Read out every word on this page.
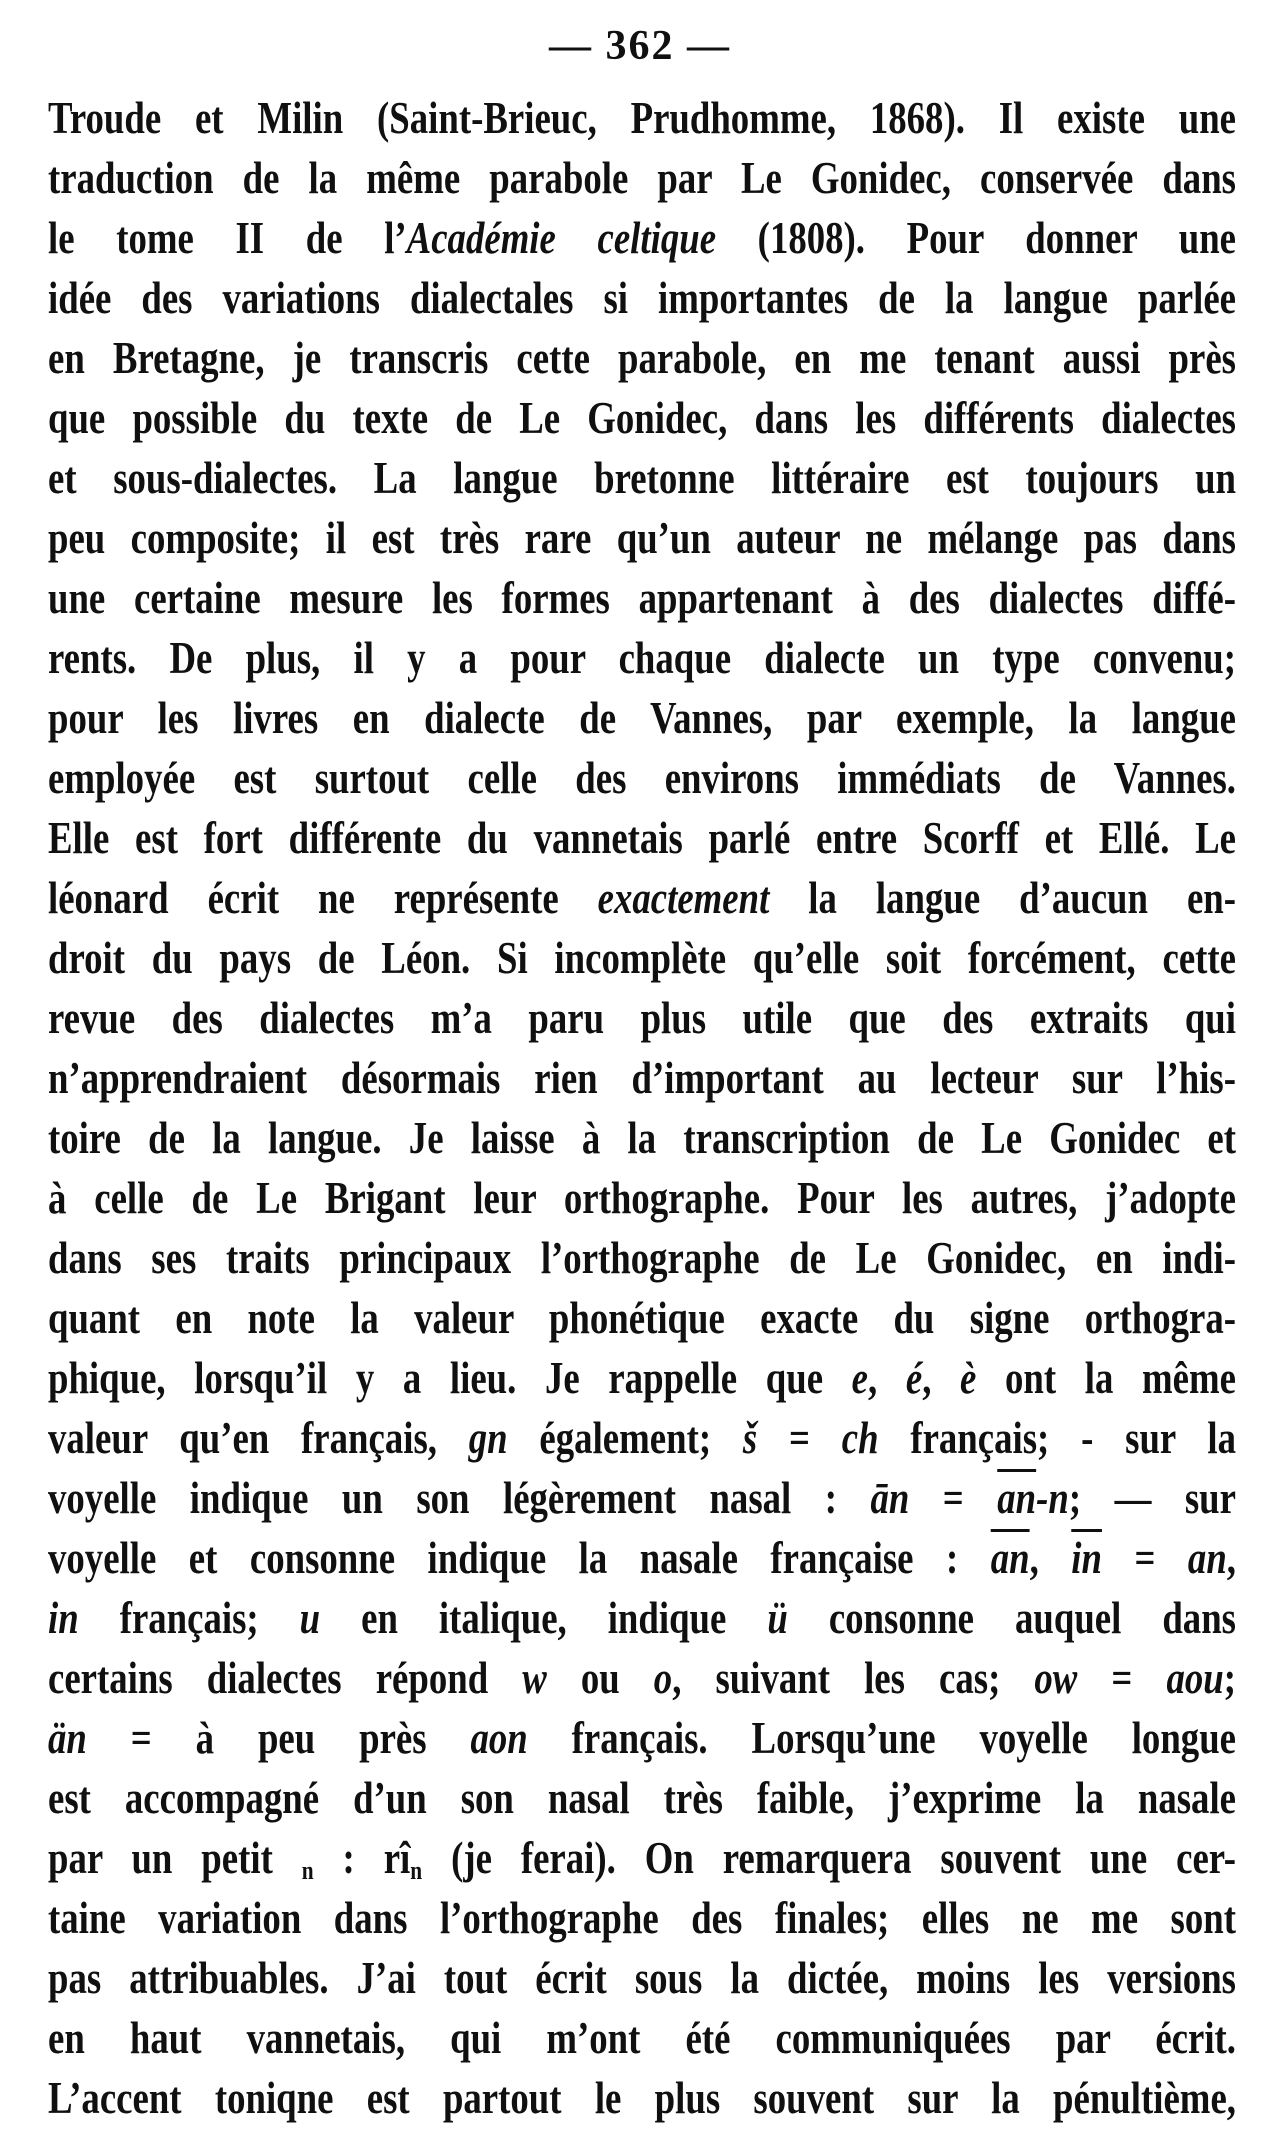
— 362 —
Troude et Milin (Saint-Brieuc, Prudhomme, 1868). Il existe une
traduction de la même parabole par Le Gonidec, conservée dans
le tome II de l’Académie celtique (1808). Pour donner une
idée des variations dialectales si importantes de la langue parlée
en Bretagne, je transcris cette parabole, en me tenant aussi près
que possible du texte de Le Gonidec, dans les différents dialectes
et sous-dialectes. La langue bretonne littéraire est toujours un
peu composite; il est très rare qu’un auteur ne mélange pas dans
une certaine mesure les formes appartenant à des dialectes diffé-
rents. De plus, il y a pour chaque dialecte un type convenu;
pour les livres en dialecte de Vannes, par exemple, la langue
employée est surtout celle des environs immédiats de Vannes.
Elle est fort différente du vannetais parlé entre Scorff et Ellé. Le
léonard écrit ne représente exactement la langue d’aucun en-
droit du pays de Léon. Si incomplète qu’elle soit forcément, cette
revue des dialectes m’a paru plus utile que des extraits qui
n’apprendraient désormais rien d’important au lecteur sur l’his-
toire de la langue. Je laisse à la transcription de Le Gonidec et
à celle de Le Brigant leur orthographe. Pour les autres, j’adopte
dans ses traits principaux l’orthographe de Le Gonidec, en indi-
quant en note la valeur phonétique exacte du signe orthogra-
phique, lorsqu’il y a lieu. Je rappelle que e, é, è ont la même
valeur qu’en français, gn également; š = ch français; - sur la
voyelle indique un son légèrement nasal : ān = $\overline{an}-n$; — sur
voyelle et consonne indique la nasale française : $\overline{an}$, $\overline{in}$ = an,
in français; u en italique, indique ü consonne auquel dans
certains dialectes répond w ou o, suivant les cas; ow = aou;
än = à peu près aon français. Lorsqu’une voyelle longue
est accompagné d’un son nasal très faible, j’exprime la nasale
par un petit $_n$ : $rî_n$ (je ferai). On remarquera souvent une cer-
taine variation dans l’orthographe des finales; elles ne me sont
pas attribuables. J’ai tout écrit sous la dictée, moins les versions
en haut vannetais, qui m’ont été communiquées par écrit.
L’accent toniqne est partout le plus souvent sur la pénultième,
